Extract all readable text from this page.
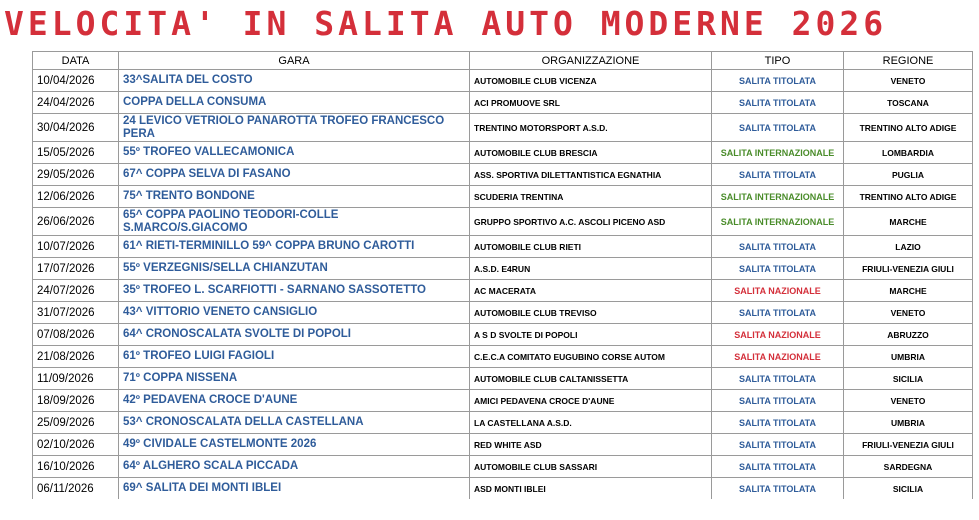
VELOCITA' IN SALITA AUTO MODERNE 2026
DATA	GARA	ORGANIZZAZIONE	TIPO	REGIONE
10/04/2026	33^SALITA DEL COSTO	AUTOMOBILE CLUB VICENZA	SALITA TITOLATA	VENETO
24/04/2026	COPPA DELLA CONSUMA	ACI PROMUOVE SRL	SALITA TITOLATA	TOSCANA
30/04/2026	24 LEVICO VETRIOLO PANAROTTA TROFEO FRANCESCO PERA	TRENTINO MOTORSPORT A.S.D.	SALITA TITOLATA	TRENTINO ALTO ADIGE
15/05/2026	55º TROFEO VALLECAMONICA	AUTOMOBILE CLUB BRESCIA	SALITA INTERNAZIONALE	LOMBARDIA
29/05/2026	67^ COPPA SELVA DI FASANO	ASS. SPORTIVA DILETTANTISTICA EGNATHIA	SALITA TITOLATA	PUGLIA
12/06/2026	75^ TRENTO BONDONE	SCUDERIA TRENTINA	SALITA INTERNAZIONALE	TRENTINO ALTO ADIGE
26/06/2026	65^ COPPA PAOLINO TEODORI-COLLE S.MARCO/S.GIACOMO	GRUPPO SPORTIVO A.C. ASCOLI PICENO ASD	SALITA INTERNAZIONALE	MARCHE
10/07/2026	61^ RIETI-TERMINILLO 59^ COPPA BRUNO CAROTTI	AUTOMOBILE CLUB RIETI	SALITA TITOLATA	LAZIO
17/07/2026	55º VERZEGNIS/SELLA CHIANZUTAN	A.S.D. E4RUN	SALITA TITOLATA	FRIULI-VENEZIA GIULI
24/07/2026	35º TROFEO L. SCARFIOTTI - SARNANO SASSOTETTO	AC MACERATA	SALITA NAZIONALE	MARCHE
31/07/2026	43^ VITTORIO VENETO CANSIGLIO	AUTOMOBILE CLUB TREVISO	SALITA TITOLATA	VENETO
07/08/2026	64^ CRONOSCALATA SVOLTE DI POPOLI	A S D SVOLTE DI POPOLI	SALITA NAZIONALE	ABRUZZO
21/08/2026	61º TROFEO LUIGI FAGIOLI	C.E.C.A COMITATO EUGUBINO CORSE AUTOM	SALITA NAZIONALE	UMBRIA
11/09/2026	71º COPPA NISSENA	AUTOMOBILE CLUB CALTANISSETTA	SALITA TITOLATA	SICILIA
18/09/2026	42º PEDAVENA CROCE D'AUNE	AMICI PEDAVENA CROCE D'AUNE	SALITA TITOLATA	VENETO
25/09/2026	53^ CRONOSCALATA DELLA CASTELLANA	LA CASTELLANA A.S.D.	SALITA TITOLATA	UMBRIA
02/10/2026	49º CIVIDALE CASTELMONTE 2026	RED WHITE ASD	SALITA TITOLATA	FRIULI-VENEZIA GIULI
16/10/2026	64º ALGHERO SCALA PICCADA	AUTOMOBILE CLUB SASSARI	SALITA TITOLATA	SARDEGNA
06/11/2026	69^ SALITA DEI MONTI IBLEI	ASD MONTI IBLEI	SALITA TITOLATA	SICILIA
